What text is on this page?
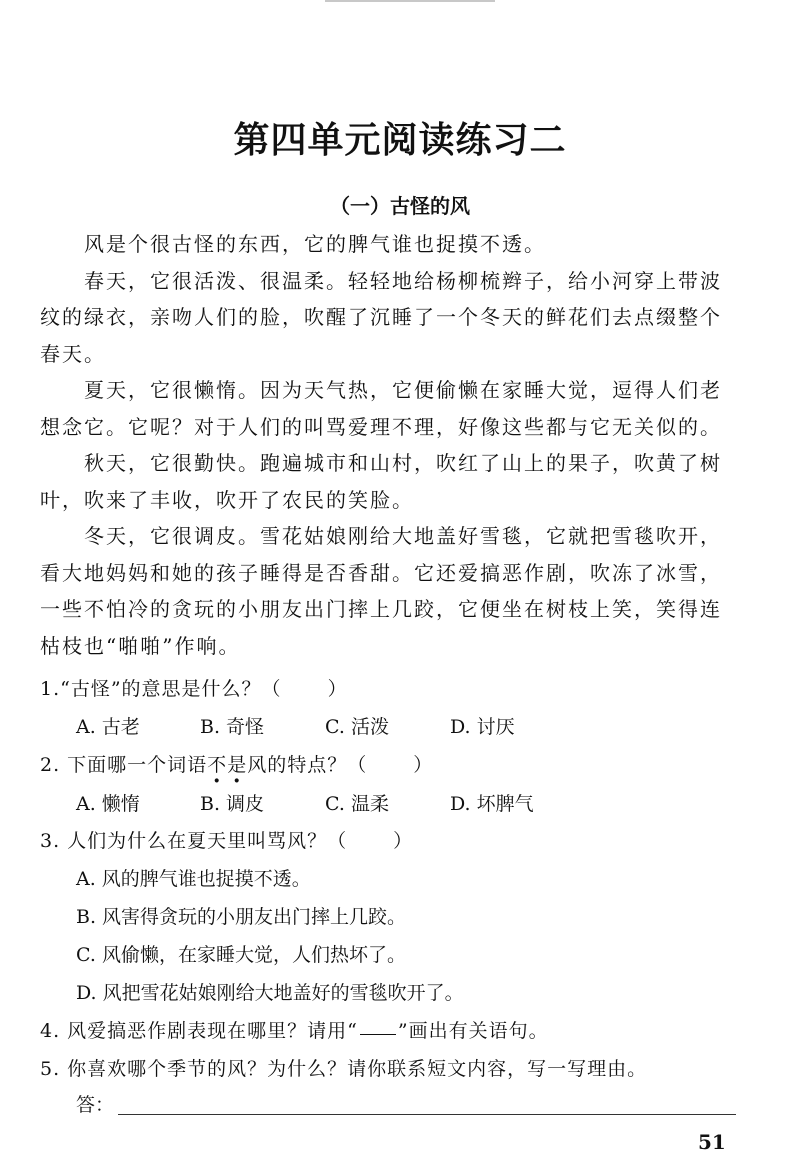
第四单元阅读练习二
（一）古怪的风

风是个很古怪的东西，它的脾气谁也捉摸不透。

春天，它很活泼、很温柔。轻轻地给杨柳梳辫子，给小河穿上带波纹的绿衣，亲吻人们的脸，吹醒了沉睡了一个冬天的鲜花们去点缀整个春天。

夏天，它很懒惰。因为天气热，它便偷懒在家睡大觉，逗得人们老想念它。它呢？对于人们的叫骂爱理不理，好像这些都与它无关似的。

秋天，它很勤快。跑遍城市和山村，吹红了山上的果子，吹黄了树叶，吹来了丰收，吹开了农民的笑脸。

冬天，它很调皮。雪花姑娘刚给大地盖好雪毯，它就把雪毯吹开，看大地妈妈和她的孩子睡得是否香甜。它还爱搞恶作剧，吹冻了冰雪，一些不怕冷的贪玩的小朋友出门摔上几跤，它便坐在树枝上笑，笑得连枯枝也“啪啪”作响。

1.“古怪”的意思是什么？（ ）
A. 古老	B. 奇怪	C. 活泼	D. 讨厌
2. 下面哪一个词语不是风的特点？（ ）
A. 懒惰	B. 调皮	C. 温柔	D. 坏脾气
3. 人们为什么在夏天里叫骂风？（ ）
A. 风的脾气谁也捉摸不透。
B. 风害得贪玩的小朋友出门摔上几跤。
C. 风偷懒，在家睡大觉，人们热坏了。
D. 风把雪花姑娘刚给大地盖好的雪毯吹开了。
4. 风爱搞恶作剧表现在哪里？请用“ ”画出有关语句。
5. 你喜欢哪个季节的风？为什么？请你联系短文内容，写一写理由。
答：
51
